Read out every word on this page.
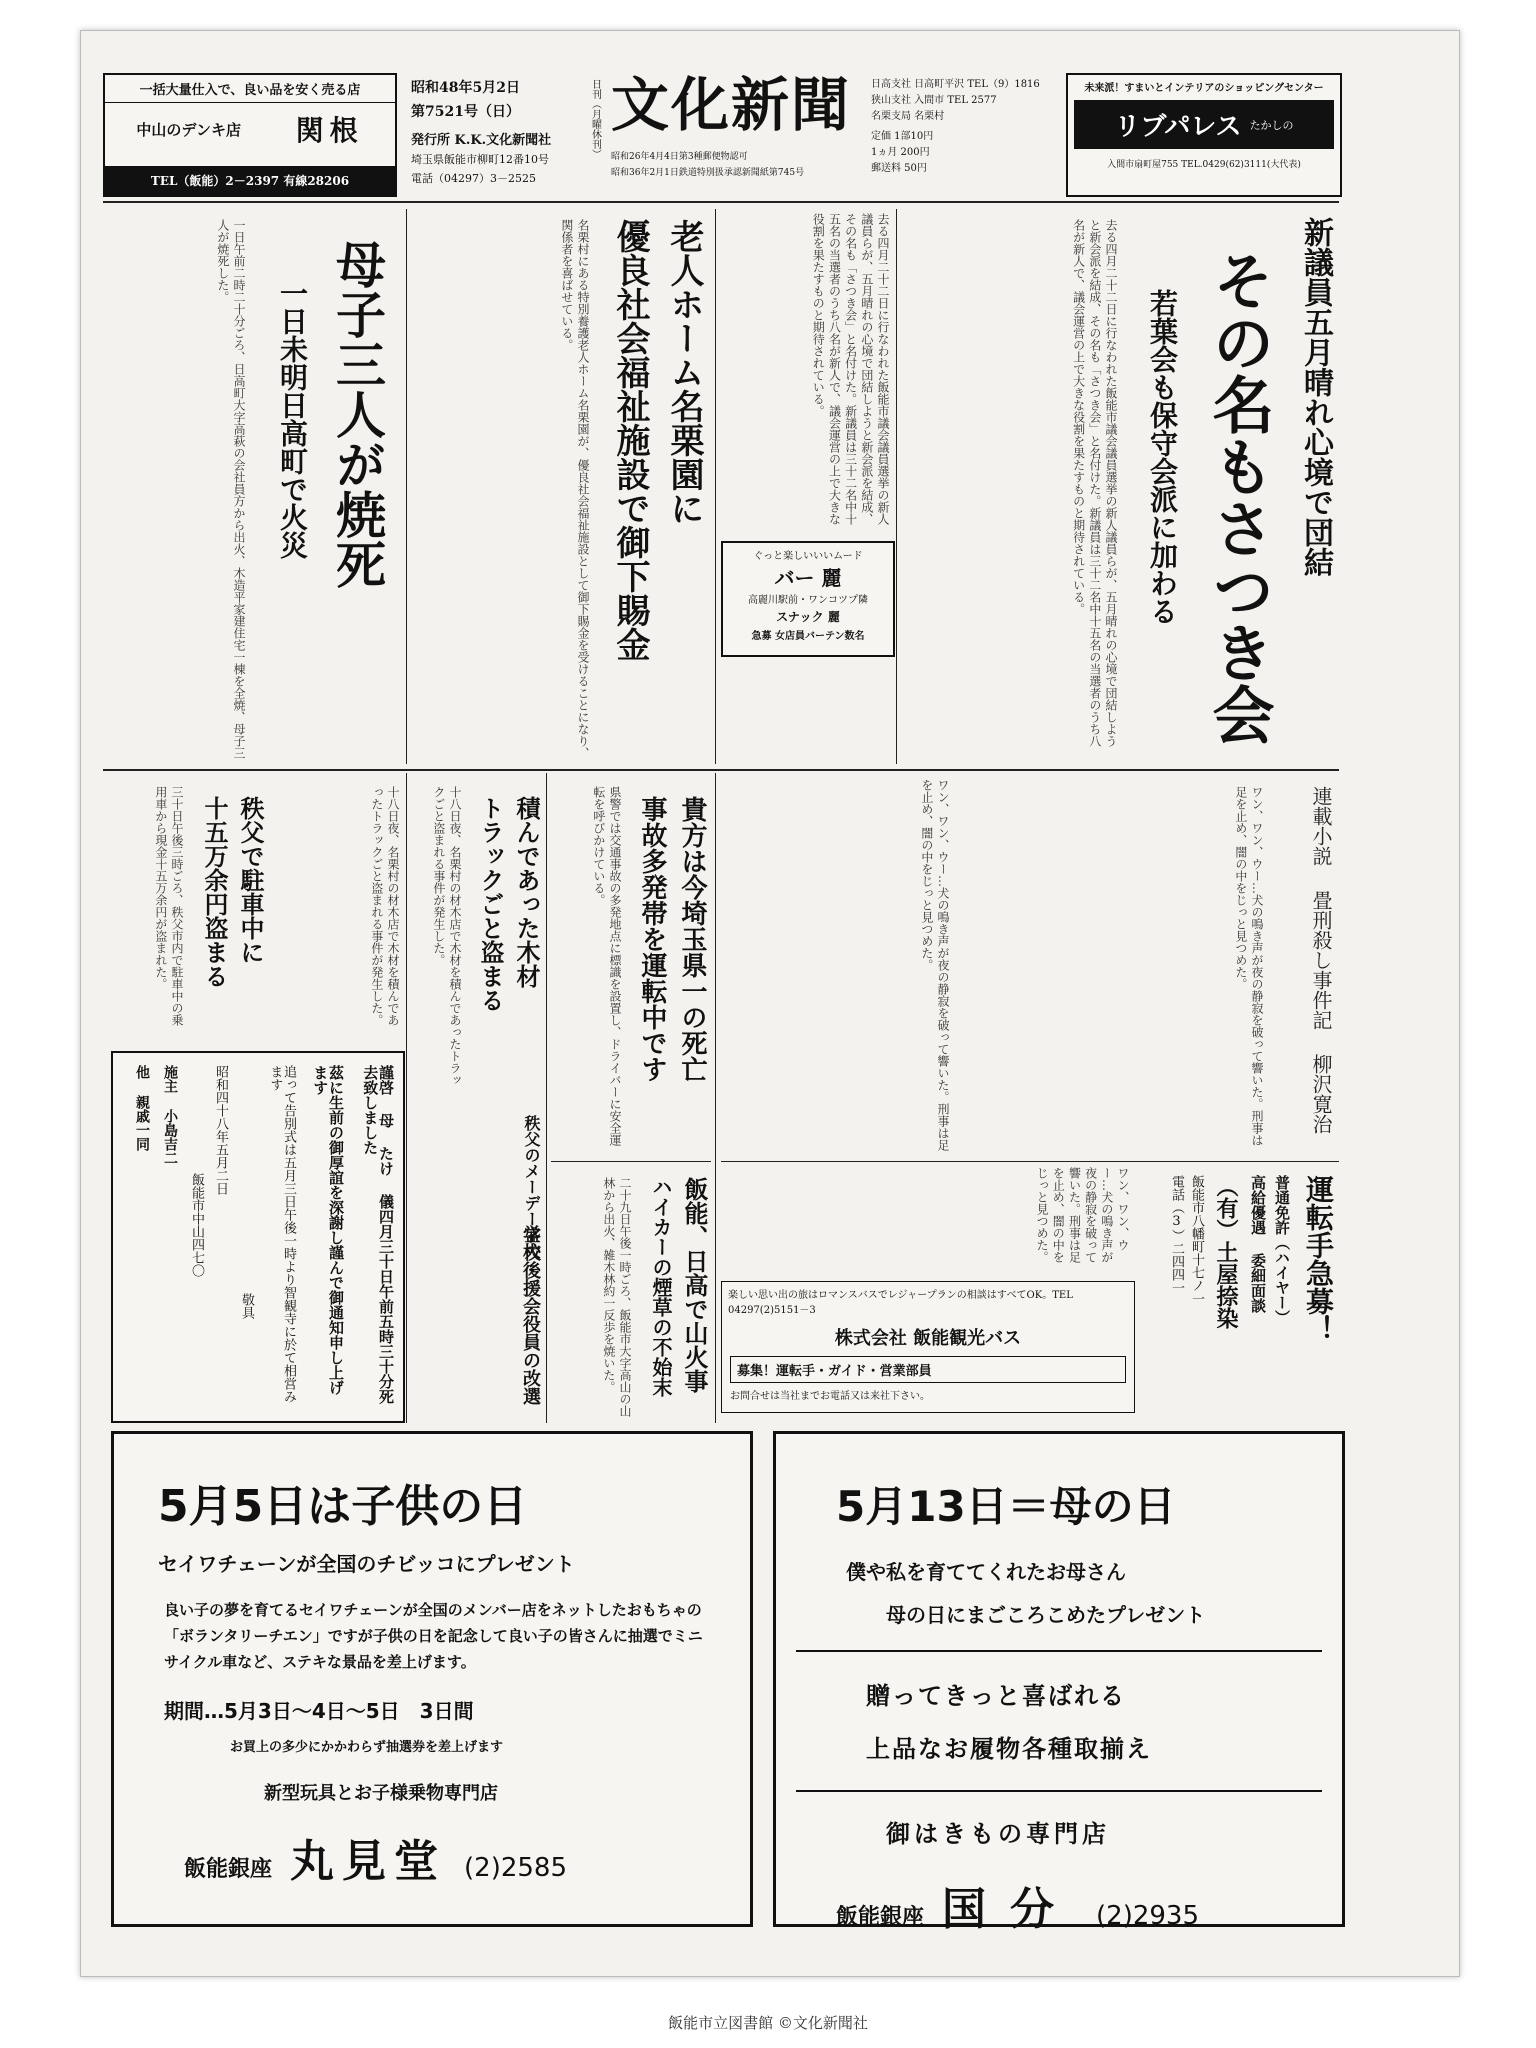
一括大量仕入で、良い品を安く売る店
中山のデンキ店 関根
TEL（飯能）2－2397 有線28206
昭和48年5月2日
第7521号（日）
発行所 K.K.文化新聞社
埼玉県飯能市柳町12番10号
電話（04297）3－2525
日刊（月曜休刊） 文化新聞
昭和26年4月4日第3種郵便物認可
昭和36年2月1日鉄道特別扱承認新聞紙第745号
日高支社 日高町平沢 TEL（9）1816
狭山支社 入間市 TEL 2577
名栗支局 名栗村
定価 1部10円
1ヵ月 200円
郵送料 50円
未来派！すまいとインテリアのショッピングセンター
リブパレス たかしの
入間市扇町屋755 TEL.0429(62)3111(大代表)
新議員五月晴れ心境で団結
その名もさつき会
若葉会も保守会派に加わる
去る四月二十二日に行なわれた飯能市議会議員選挙の新人議員らが、五月晴れの心境で団結しようと新会派を結成、その名も「さつき会」と名付けた。新議員は三十二名中十五名の当選者のうち八名が新人で、議会運営の上で大きな役割を果たすものと期待されている。
去る四月二十二日に行なわれた飯能市議会議員選挙の新人議員らが、五月晴れの心境で団結しようと新会派を結成、その名も「さつき会」と名付けた。新議員は三十二名中十五名の当選者のうち八名が新人で、議会運営の上で大きな役割を果たすものと期待されている。
ぐっと楽しいいいムード
バー 麗
高麗川駅前・ワンコツプ隣
スナック 麗
急募 女店員バーテン数名
老人ホーム名栗園に
優良社会福祉施設で御下賜金
名栗村にある特別養護老人ホーム名栗園が、優良社会福祉施設として御下賜金を受けることになり、関係者を喜ばせている。
母子三人が焼死
一日未明日高町で火災
一日午前二時二十分ごろ、日高町大字高萩の会社員方から出火、木造平家建住宅一棟を全焼、母子三人が焼死した。
連載小説 畳刑殺し事件記 柳沢寛治
ワン、ワン、ウー…犬の鳴き声が夜の静寂を破って響いた。刑事は足を止め、闇の中をじっと見つめた。
ワン、ワン、ウー…犬の鳴き声が夜の静寂を破って響いた。刑事は足を止め、闇の中をじっと見つめた。
運転手急募！
普通免許（ハイヤー）
高給優遇 委細面談
（有）土屋捺染
飯能市八幡町十七ノ一
電話（3）二四四一
ワン、ワン、ウー…犬の鳴き声が夜の静寂を破って響いた。刑事は足を止め、闇の中をじっと見つめた。
楽しい思い出の旅はロマンスバスでレジャープランの相談はすべてOK。TEL 04297(2)5151－3
株式会社 飯能観光バス
募集！運転手・ガイド・営業部員
お問合せは当社までお電話又は来社下さい。
貴方は今埼玉県一の死亡
事故多発帯を運転中です
県警では交通事故の多発地点に標識を設置し、ドライバーに安全運転を呼びかけている。
飯能、日高で山火事
ハイカーの煙草の不始末
二十九日午後一時ごろ、飯能市大字高山の山林から出火、雑木林約一反歩を焼いた。
積んであった木材
トラックごと盗まる
十八日夜、名栗村の材木店で木材を積んであったトラックごと盗まれる事件が発生した。
秩父のメーデー盛大
学校後援会役員の改選
秩父で駐車中に
十五万余円盗まる
三十日午後三時ごろ、秩父市内で駐車中の乗用車から現金十五万余円が盗まれた。	十八日夜、名栗村の材木店で木材を積んであったトラックごと盗まれる事件が発生した。
謹啓 母 たけ 儀四月三十日午前五時三十分死去致しました
茲に生前の御厚誼を深謝し謹んで御通知申し上げます
追って告別式は五月三日午後一時より智観寺に於て相営みます
敬具
昭和四十八年五月二日
飯能市中山四七〇
施主 小島吉二
他 親戚一同
5月5日は子供の日
セイワチェーンが全国のチビッコにプレゼント
良い子の夢を育てるセイワチェーンが全国のメンバー店をネットしたおもちゃの「ボランタリーチエン」ですが子供の日を記念して良い子の皆さんに抽選でミニサイクル車など、ステキな景品を差上げます。
期間…5月3日～4日～5日　3日間
お買上の多少にかかわらず抽選券を差上げます
新型玩具とお子様乗物専門店
飯能銀座 丸見堂 (2)2585
5月13日＝母の日
僕や私を育ててくれたお母さん
母の日にまごころこめたプレゼント
贈ってきっと喜ばれる
上品なお履物各種取揃え
御はきもの専門店
飯能銀座 国分 (2)2935
飯能市立図書館 ©文化新聞社
